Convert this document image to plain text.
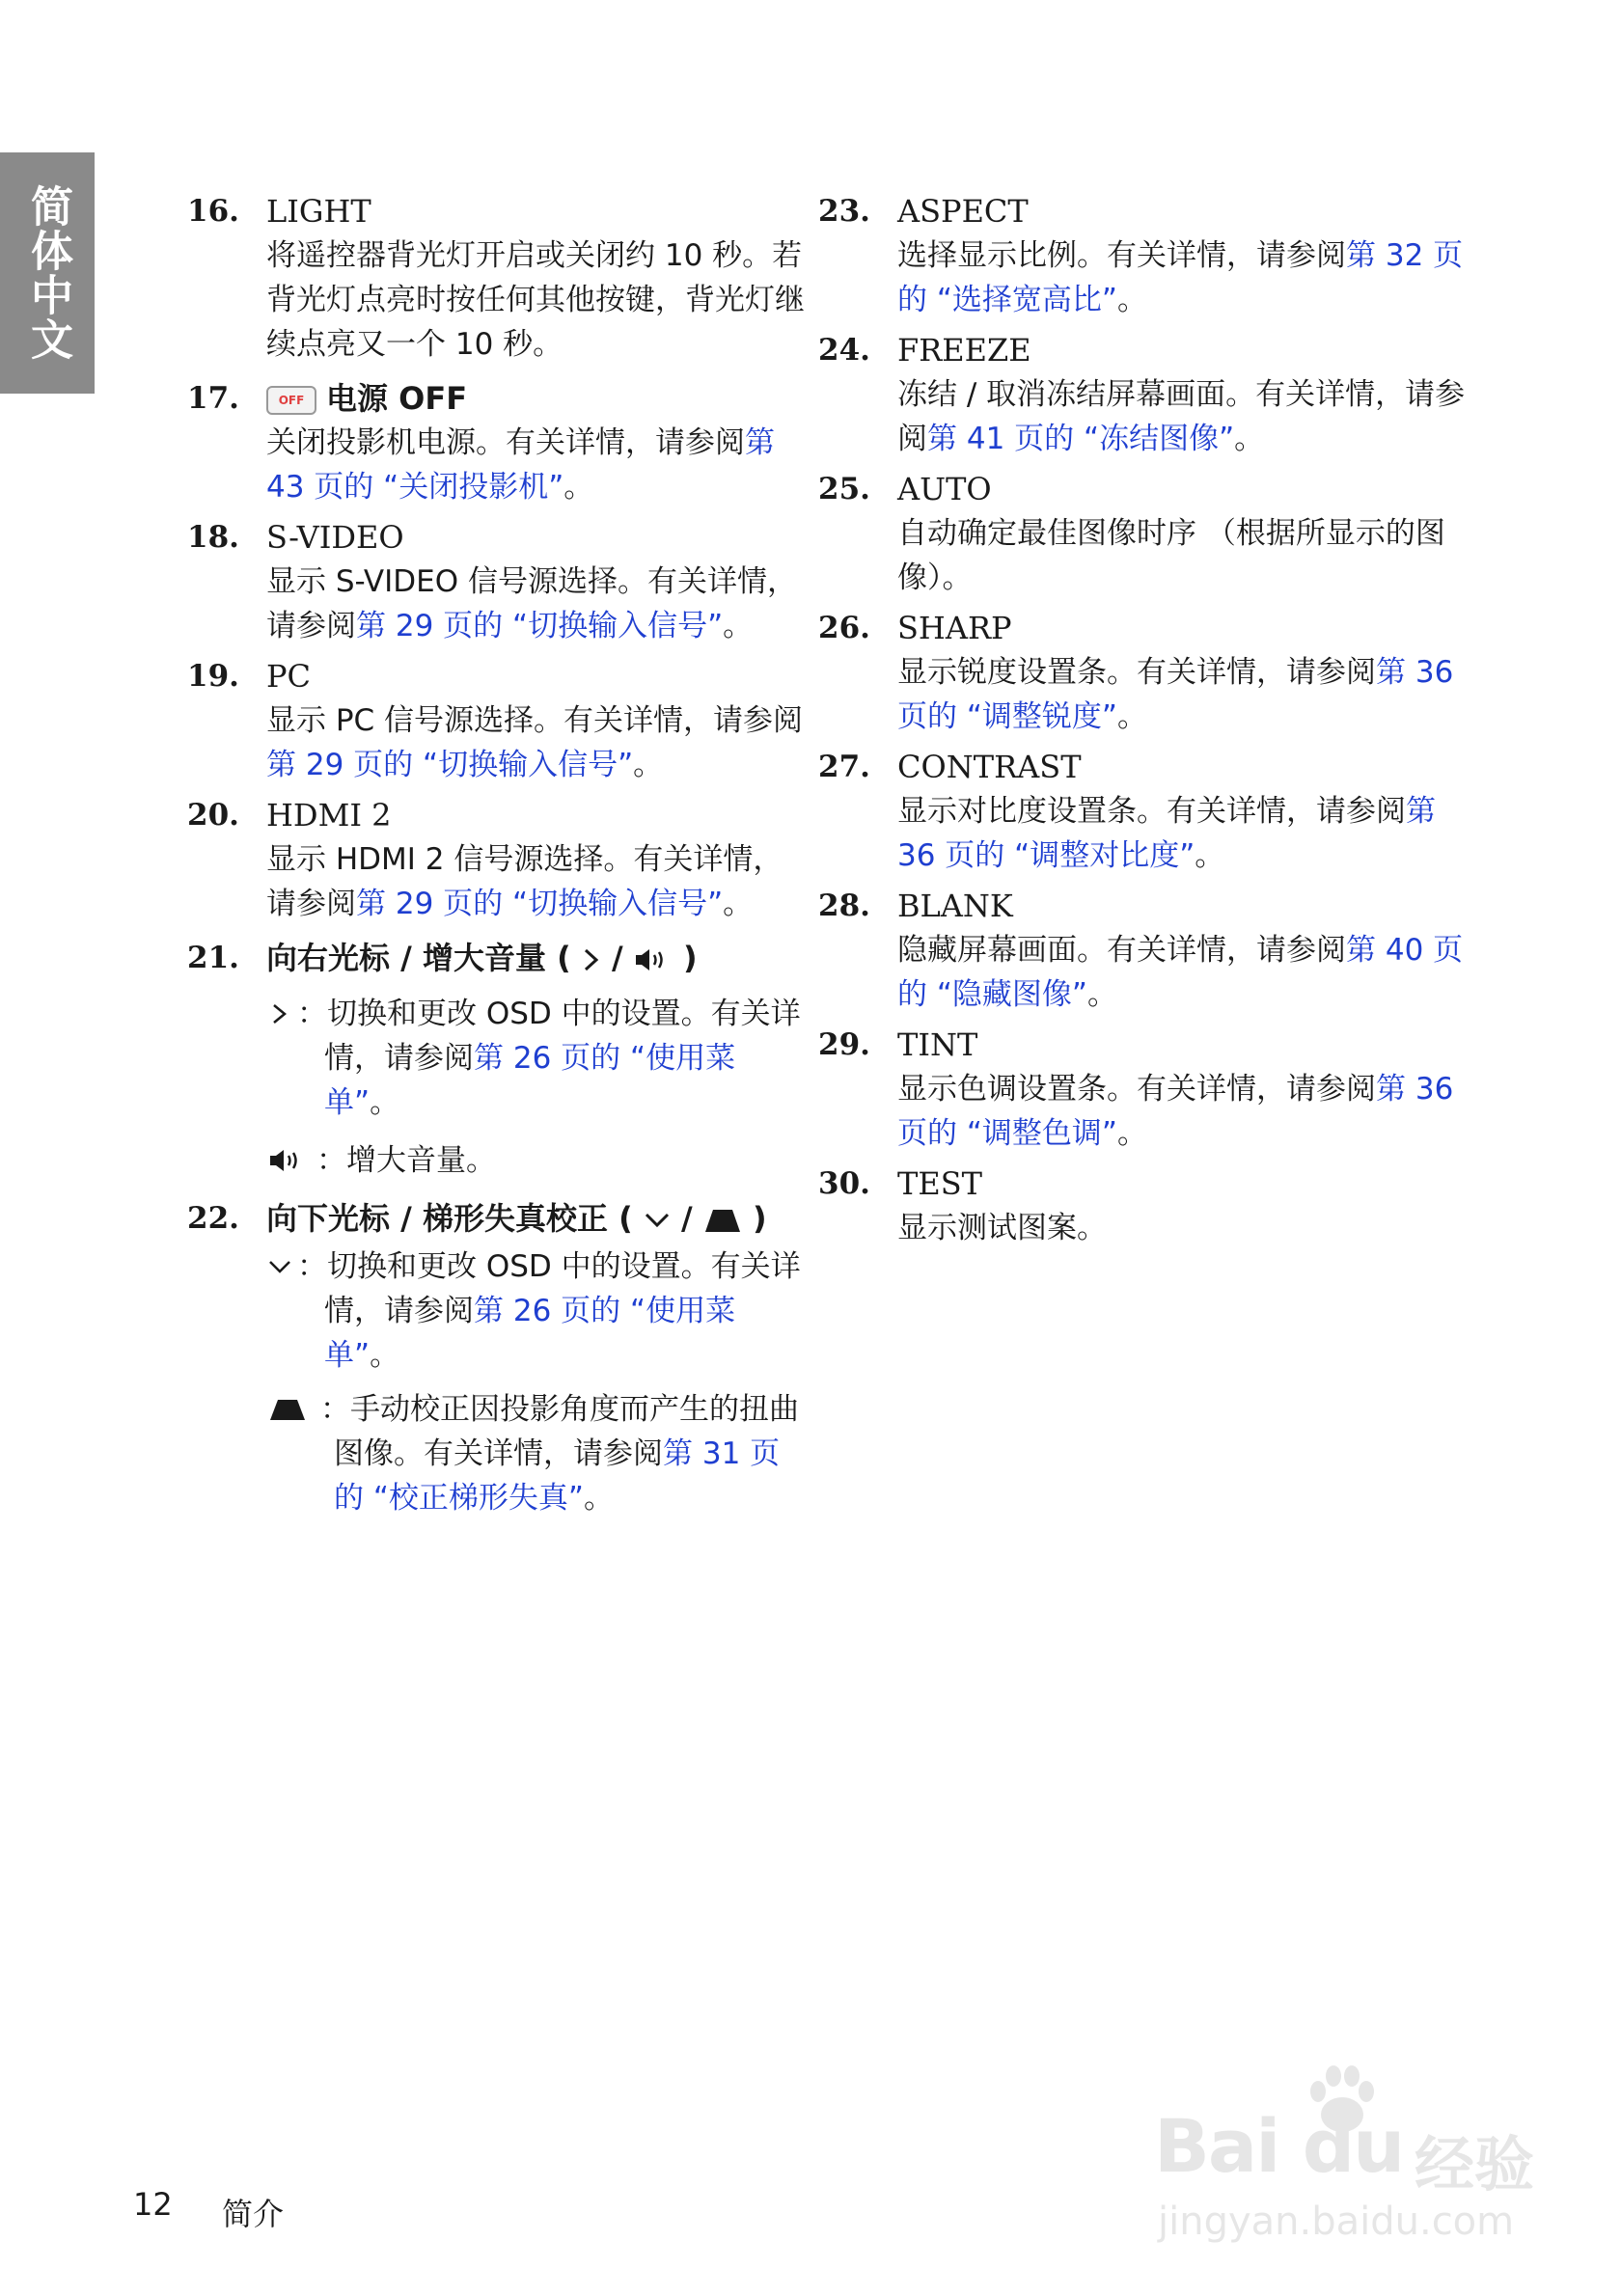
简体中文	16. LIGHT
将遥控器背光灯开启或关闭约 10 秒。若背光灯点亮时按任何其他按键，背光灯继续点亮又一个 10 秒。
17.	OFF 电源 OFF
关闭投影机电源。有关详情，请参阅第 43 页的 “关闭投影机”。
18. S-VIDEO
显示 S-VIDEO 信号源选择。有关详情，请参阅第 29 页的 “切换输入信号”。
19. PC
显示 PC 信号源选择。有关详情，请参阅第 29 页的 “切换输入信号”。
20. HDMI 2
显示 HDMI 2 信号源选择。有关详情，请参阅第 29 页的 “切换输入信号”。
21. 向右光标 / 增大音量 ( / )
：切换和更改 OSD 中的设置。有关详情，请参阅第 26 页的 “使用菜单”。
：增大音量。
22. 向下光标 / 梯形失真校正 ( / )
：切换和更改 OSD 中的设置。有关详情，请参阅第 26 页的 “使用菜单”。
：手动校正因投影角度而产生的扭曲图像。有关详情，请参阅第 31 页的 “校正梯形失真”。
23. ASPECT
选择显示比例。有关详情，请参阅第 32 页的 “选择宽高比”。
24. FREEZE
冻结 / 取消冻结屏幕画面。有关详情，请参阅第 41 页的 “冻结图像”。
25. AUTO
自动确定最佳图像时序 （根据所显示的图像）。
26. SHARP
显示锐度设置条。有关详情，请参阅第 36 页的 “调整锐度”。
27. CONTRAST
显示对比度设置条。有关详情，请参阅第 36 页的 “调整对比度”。
28. BLANK
隐藏屏幕画面。有关详情，请参阅第 40 页的 “隐藏图像”。
29. TINT
显示色调设置条。有关详情，请参阅第 36 页的 “调整色调”。
30. TEST
显示测试图案。
12 简介
Bai du 经验
jingyan.baidu.com
